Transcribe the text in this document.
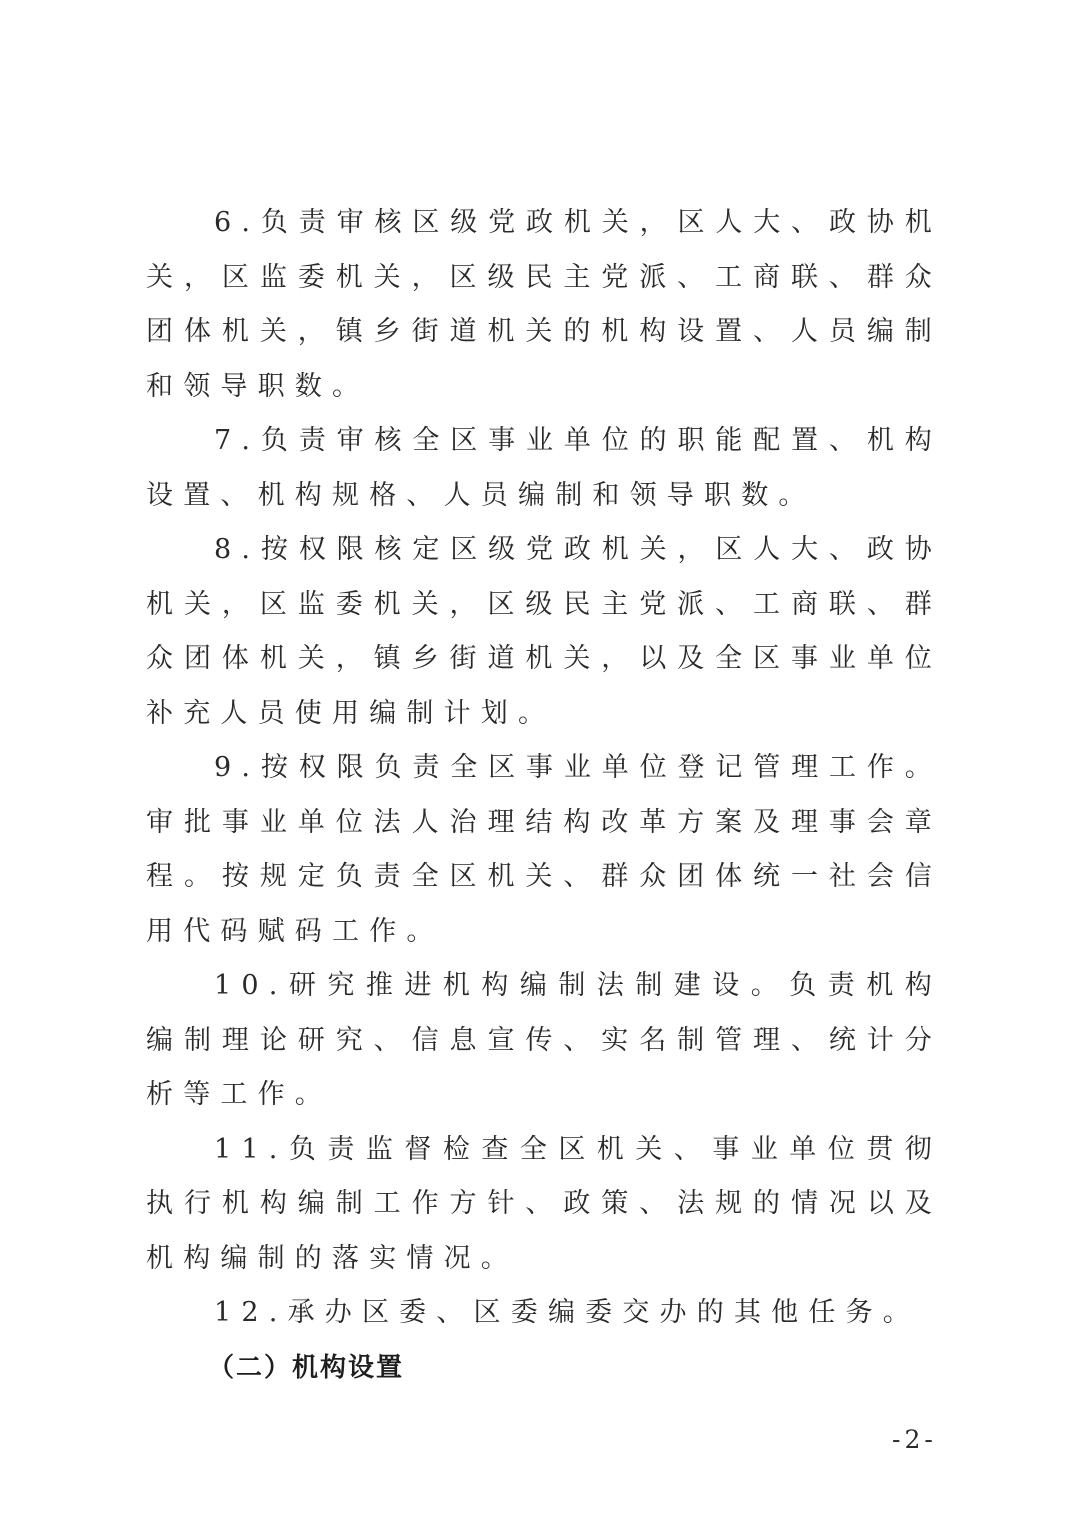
6.负责审核区级党政机关，区人大、政协机关，区监委机关，区级民主党派、工商联、群众团体机关，镇乡街道机关的机构设置、人员编制和领导职数。

7.负责审核全区事业单位的职能配置、机构设置、机构规格、人员编制和领导职数。

8.按权限核定区级党政机关，区人大、政协机关，区监委机关，区级民主党派、工商联、群众团体机关，镇乡街道机关，以及全区事业单位补充人员使用编制计划。

9.按权限负责全区事业单位登记管理工作。审批事业单位法人治理结构改革方案及理事会章程。按规定负责全区机关、群众团体统一社会信用代码赋码工作。

10.研究推进机构编制法制建设。负责机构编制理论研究、信息宣传、实名制管理、统计分析等工作。

11.负责监督检查全区机关、事业单位贯彻执行机构编制工作方针、政策、法规的情况以及机构编制的落实情况。

12.承办区委、区委编委交办的其他任务。

（二）机构设置

-2-
